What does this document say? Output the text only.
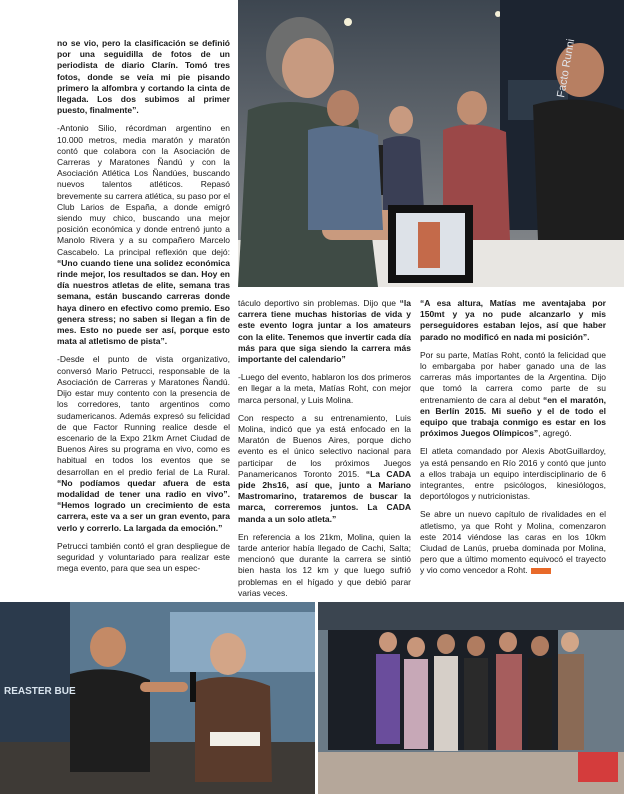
Facto Runni

no se vio, pero la clasificación se definió por una seguidilla de fotos de un periodista de diario Clarín. Tomó tres fotos, donde se veía mi pie pisando primero la alfombra y cortando la cinta de llegada. Los dos subimos al primer puesto, finalmente”.

-Antonio Silio, récordman argentino en 10.000 metros, media maratón y maratón contó que colabora con la Asociación de Carreras y Maratones Ñandú y con la Asociación Atlética Los Ñandúes, buscando nuevos talentos atléticos. Repasó brevemente su carrera atlética, su paso por el Club Larios de España, a donde emigró siendo muy chico, buscando una mejor posición económica y donde entrenó junto a Manolo Rivera y a su compañero Marcelo Cascabelo. La principal reflexión que dejó: “Uno cuando tiene una solidez económica rinde mejor, los resultados se dan. Hoy en día nuestros atletas de elite, semana tras semana, están buscando carreras donde haya dinero en efectivo como premio. Eso genera stress; no saben si llegan a fin de mes. Esto no puede ser así, porque esto mata al atletismo de pista”.

-Desde el punto de vista organizativo, conversó Mario Petrucci, responsable de la Asociación de Carreras y Maratones Ñandú. Dijo estar muy contento con la presencia de los corredores, tanto argentinos como sudamericanos. Además expresó su felicidad de que Factor Running realice desde el escenario de la Expo 21km Arnet Ciudad de Buenos Aires su programa en vivo, como es habitual en todos los eventos que se desarrollan en el predio ferial de La Rural. “No podíamos quedar afuera de esta modalidad de tener una radio en vivo”. “Hemos logrado un crecimiento de esta carrera, este va a ser un gran evento, para verlo y correrlo. La largada da emoción.”

Petrucci también contó el gran despliegue de seguridad y voluntariado para realizar este mega evento, para que sea un espec-

táculo deportivo sin problemas. Dijo que “la carrera tiene muchas historias de vida y este evento logra juntar a los amateurs con la elite. Tenemos que invertir cada día más para que siga siendo la carrera más importante del calendario”

-Luego del evento, hablaron los dos primeros en llegar a la meta, Matías Roht, con mejor marca personal, y Luis Molina.

Con respecto a su entrenamiento, Luis Molina, indicó que ya está enfocado en la Maratón de Buenos Aires, porque dicho evento es el único selectivo nacional para participar de los próximos Juegos Panamericanos Toronto 2015. “La CADA pide 2hs16, así que, junto a Mariano Mastromarino, trataremos de buscar la marca, correremos juntos. La CADA manda a un solo atleta.”

En referencia a los 21km, Molina, quien la tarde anterior había llegado de Cachi, Salta; mencionó que durante la carrera se sintió bien hasta los 12 km y que luego sufrió problemas en el hígado y que debió parar varias veces.

“A esa altura, Matías me aventajaba por 150mt y ya no pude alcanzarlo y mis perseguidores estaban lejos, así que haber parado no modificó en nada mi posición”.

Por su parte, Matías Roht, contó la felicidad que lo embargaba por haber ganado una de las carreras más importantes de la Argentina. Dijo que tomó la carrera como parte de su entrenamiento de cara al debut “en el maratón, en Berlín 2015. Mi sueño y el de todo el equipo que trabaja conmigo es estar en los próximos Juegos Olímpicos”, agregó.

El atleta comandado por Alexis AbotGuillardoy, ya está pensando en Río 2016 y contó que junto a ellos trabaja un equipo interdisciplinario de 6 integrantes, entre psicólogos, kinesiólogos, deportólogos y nutricionistas.

Se abre un nuevo capítulo de rivalidades en el atletismo, ya que Roht y Molina, comenzaron este 2014 viéndose las caras en los 10km Ciudad de Lanús, prueba dominada por Molina, pero que a último momento equivocó el trayecto y vio como vencedor a Roht.

REASTER BUE
